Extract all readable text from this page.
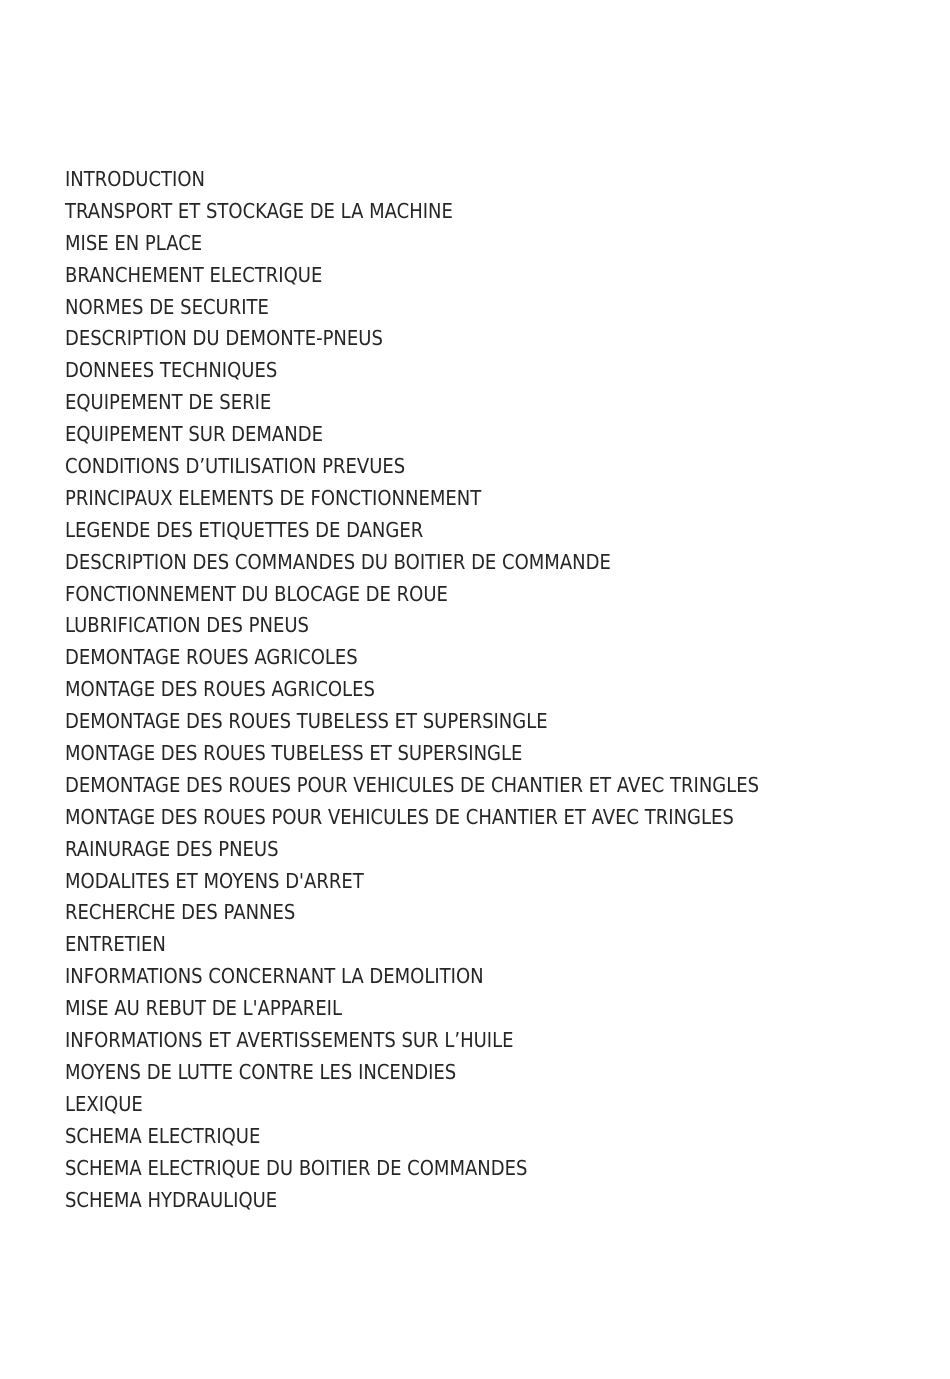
INTRODUCTION
TRANSPORT ET STOCKAGE DE LA MACHINE
MISE EN PLACE
BRANCHEMENT ELECTRIQUE
NORMES DE SECURITE
DESCRIPTION DU DEMONTE-PNEUS
DONNEES TECHNIQUES
EQUIPEMENT DE SERIE
EQUIPEMENT SUR DEMANDE
CONDITIONS D’UTILISATION PREVUES
PRINCIPAUX ELEMENTS DE FONCTIONNEMENT
LEGENDE DES ETIQUETTES DE DANGER
DESCRIPTION DES COMMANDES DU BOITIER DE COMMANDE
FONCTIONNEMENT DU BLOCAGE DE ROUE
LUBRIFICATION DES PNEUS
DEMONTAGE ROUES AGRICOLES
MONTAGE DES ROUES AGRICOLES
DEMONTAGE DES ROUES TUBELESS ET SUPERSINGLE
MONTAGE DES ROUES TUBELESS ET SUPERSINGLE
DEMONTAGE DES ROUES POUR VEHICULES DE CHANTIER ET AVEC TRINGLES
MONTAGE DES ROUES POUR VEHICULES DE CHANTIER ET AVEC TRINGLES
RAINURAGE DES PNEUS
MODALITES ET MOYENS D'ARRET
RECHERCHE DES PANNES
ENTRETIEN
INFORMATIONS CONCERNANT LA DEMOLITION
MISE AU REBUT DE L'APPAREIL
INFORMATIONS ET AVERTISSEMENTS SUR L’HUILE
MOYENS DE LUTTE CONTRE LES INCENDIES
LEXIQUE
SCHEMA ELECTRIQUE
SCHEMA ELECTRIQUE DU BOITIER DE COMMANDES
SCHEMA HYDRAULIQUE
